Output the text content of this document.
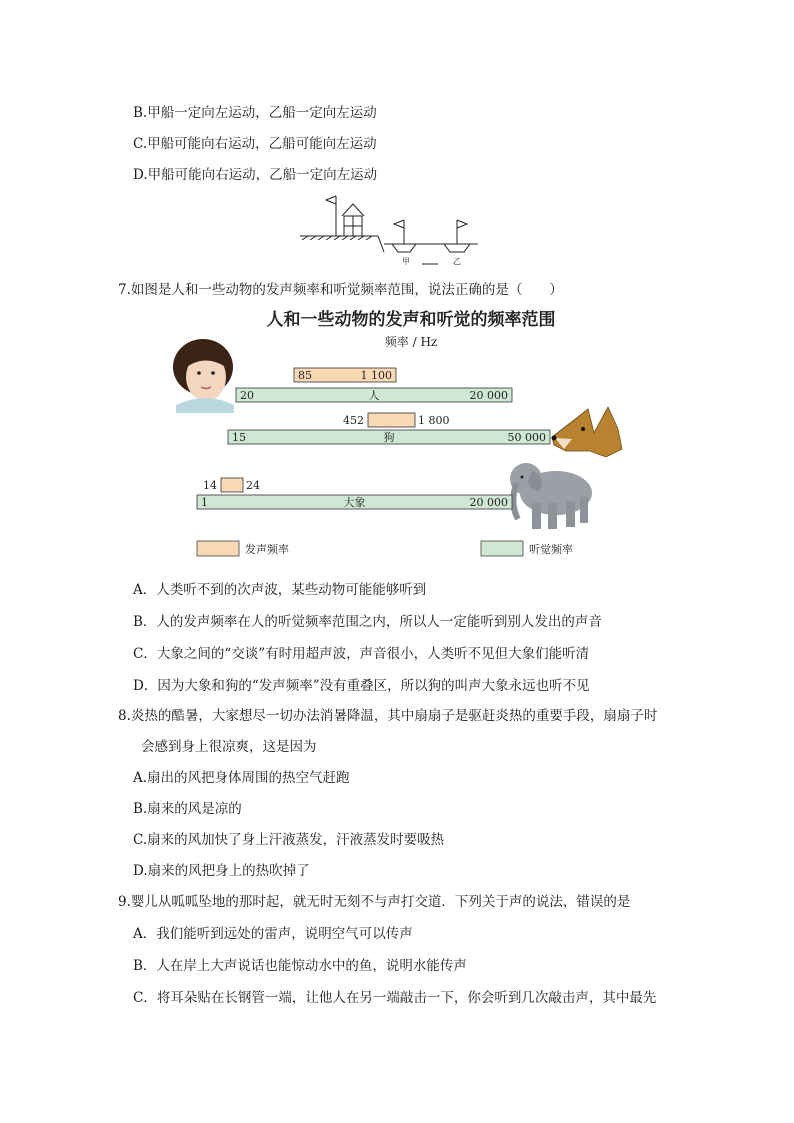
B.甲船一定向左运动，乙船一定向左运动
C.甲船可能向右运动，乙船可能向左运动
D.甲船可能向右运动，乙船一定向左运动
甲	乙
7.如图是人和一些动物的发声频率和听觉频率范围，说法正确的是（　　）
人和一些动物的发声和听觉的频率范围
频率 / Hz
20	20 000
人
85	1 100
15	50 000
狗
452	1 800
1	20 000
大象
14	24
发声频率	听觉频率
A．人类听不到的次声波，某些动物可能能够听到
B．人的发声频率在人的听觉频率范围之内，所以人一定能听到别人发出的声音
C．大象之间的“交谈”有时用超声波，声音很小，人类听不见但大象们能听清
D．因为大象和狗的“发声频率”没有重叠区，所以狗的叫声大象永远也听不见
8.炎热的酷暑，大家想尽一切办法消暑降温，其中扇扇子是驱赶炎热的重要手段，扇扇子时
会感到身上很凉爽，这是因为
A.扇出的风把身体周围的热空气赶跑
B.扇来的风是凉的
C.扇来的风加快了身上汗液蒸发，汗液蒸发时要吸热
D.扇来的风把身上的热吹掉了
9.婴儿从呱呱坠地的那时起，就无时无刻不与声打交道．下列关于声的说法，错误的是
A．我们能听到远处的雷声，说明空气可以传声
B．人在岸上大声说话也能惊动水中的鱼，说明水能传声
C．将耳朵贴在长钢管一端，让他人在另一端敲击一下，你会听到几次敲击声，其中最先
